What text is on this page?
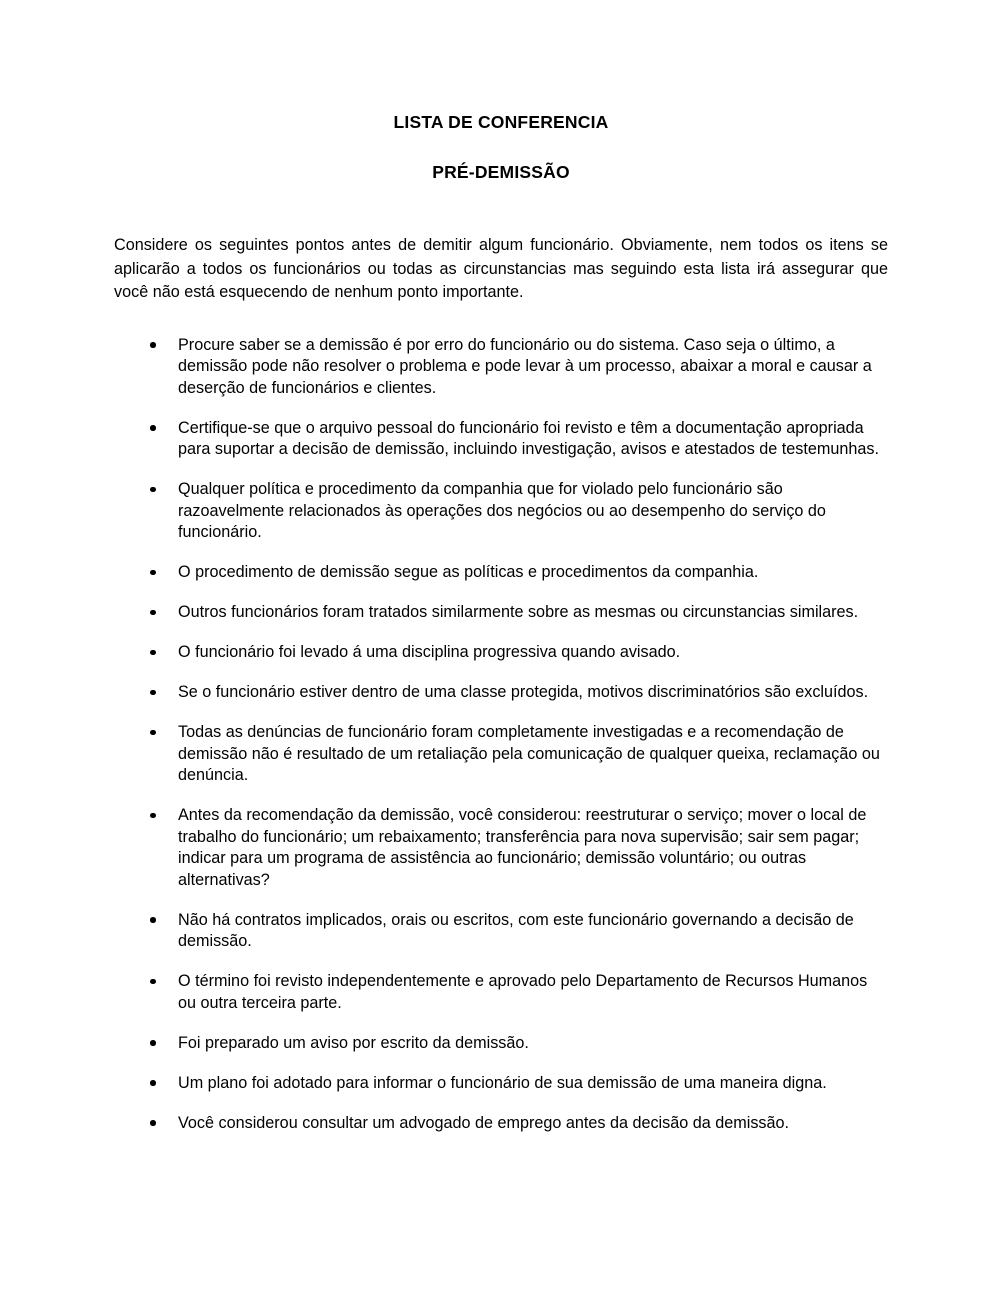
LISTA DE CONFERENCIA
PRÉ-DEMISSÃO

Considere os seguintes pontos antes de demitir algum funcionário. Obviamente, nem todos os itens se aplicarão a todos os funcionários ou todas as circunstancias mas seguindo esta lista irá assegurar que você não está esquecendo de nenhum ponto importante.

Procure saber se a demissão é por erro do funcionário ou do sistema. Caso seja o último, a demissão pode não resolver o problema e pode levar à um processo, abaixar a moral e causar a deserção de funcionários e clientes.
Certifique-se que o arquivo pessoal do funcionário foi revisto e têm a documentação apropriada para suportar a decisão de demissão, incluindo investigação, avisos e atestados de testemunhas.
Qualquer política e procedimento da companhia que for violado pelo funcionário são razoavelmente relacionados às operações dos negócios ou ao desempenho do serviço do funcionário.
O procedimento de demissão segue as políticas e procedimentos da companhia.
Outros funcionários foram tratados similarmente sobre as mesmas ou circunstancias similares.
O funcionário foi levado á uma disciplina progressiva quando avisado.
Se o funcionário estiver dentro de uma classe protegida, motivos discriminatórios são excluídos.
Todas as denúncias de funcionário foram completamente investigadas e a recomendação de demissão não é resultado de um retaliação pela comunicação de qualquer queixa, reclamação ou denúncia.
Antes da recomendação da demissão, você considerou: reestruturar o serviço; mover o local de trabalho do funcionário; um rebaixamento; transferência para nova supervisão; sair sem pagar; indicar para um programa de assistência ao funcionário; demissão voluntário; ou outras alternativas?
Não há contratos implicados, orais ou escritos, com este funcionário governando a decisão de demissão.
O término foi revisto independentemente e aprovado pelo Departamento de Recursos Humanos ou outra terceira parte.
Foi preparado um aviso por escrito da demissão.
Um plano foi adotado para informar o funcionário de sua demissão de uma maneira digna.
Você considerou consultar um advogado de emprego antes da decisão da demissão.
